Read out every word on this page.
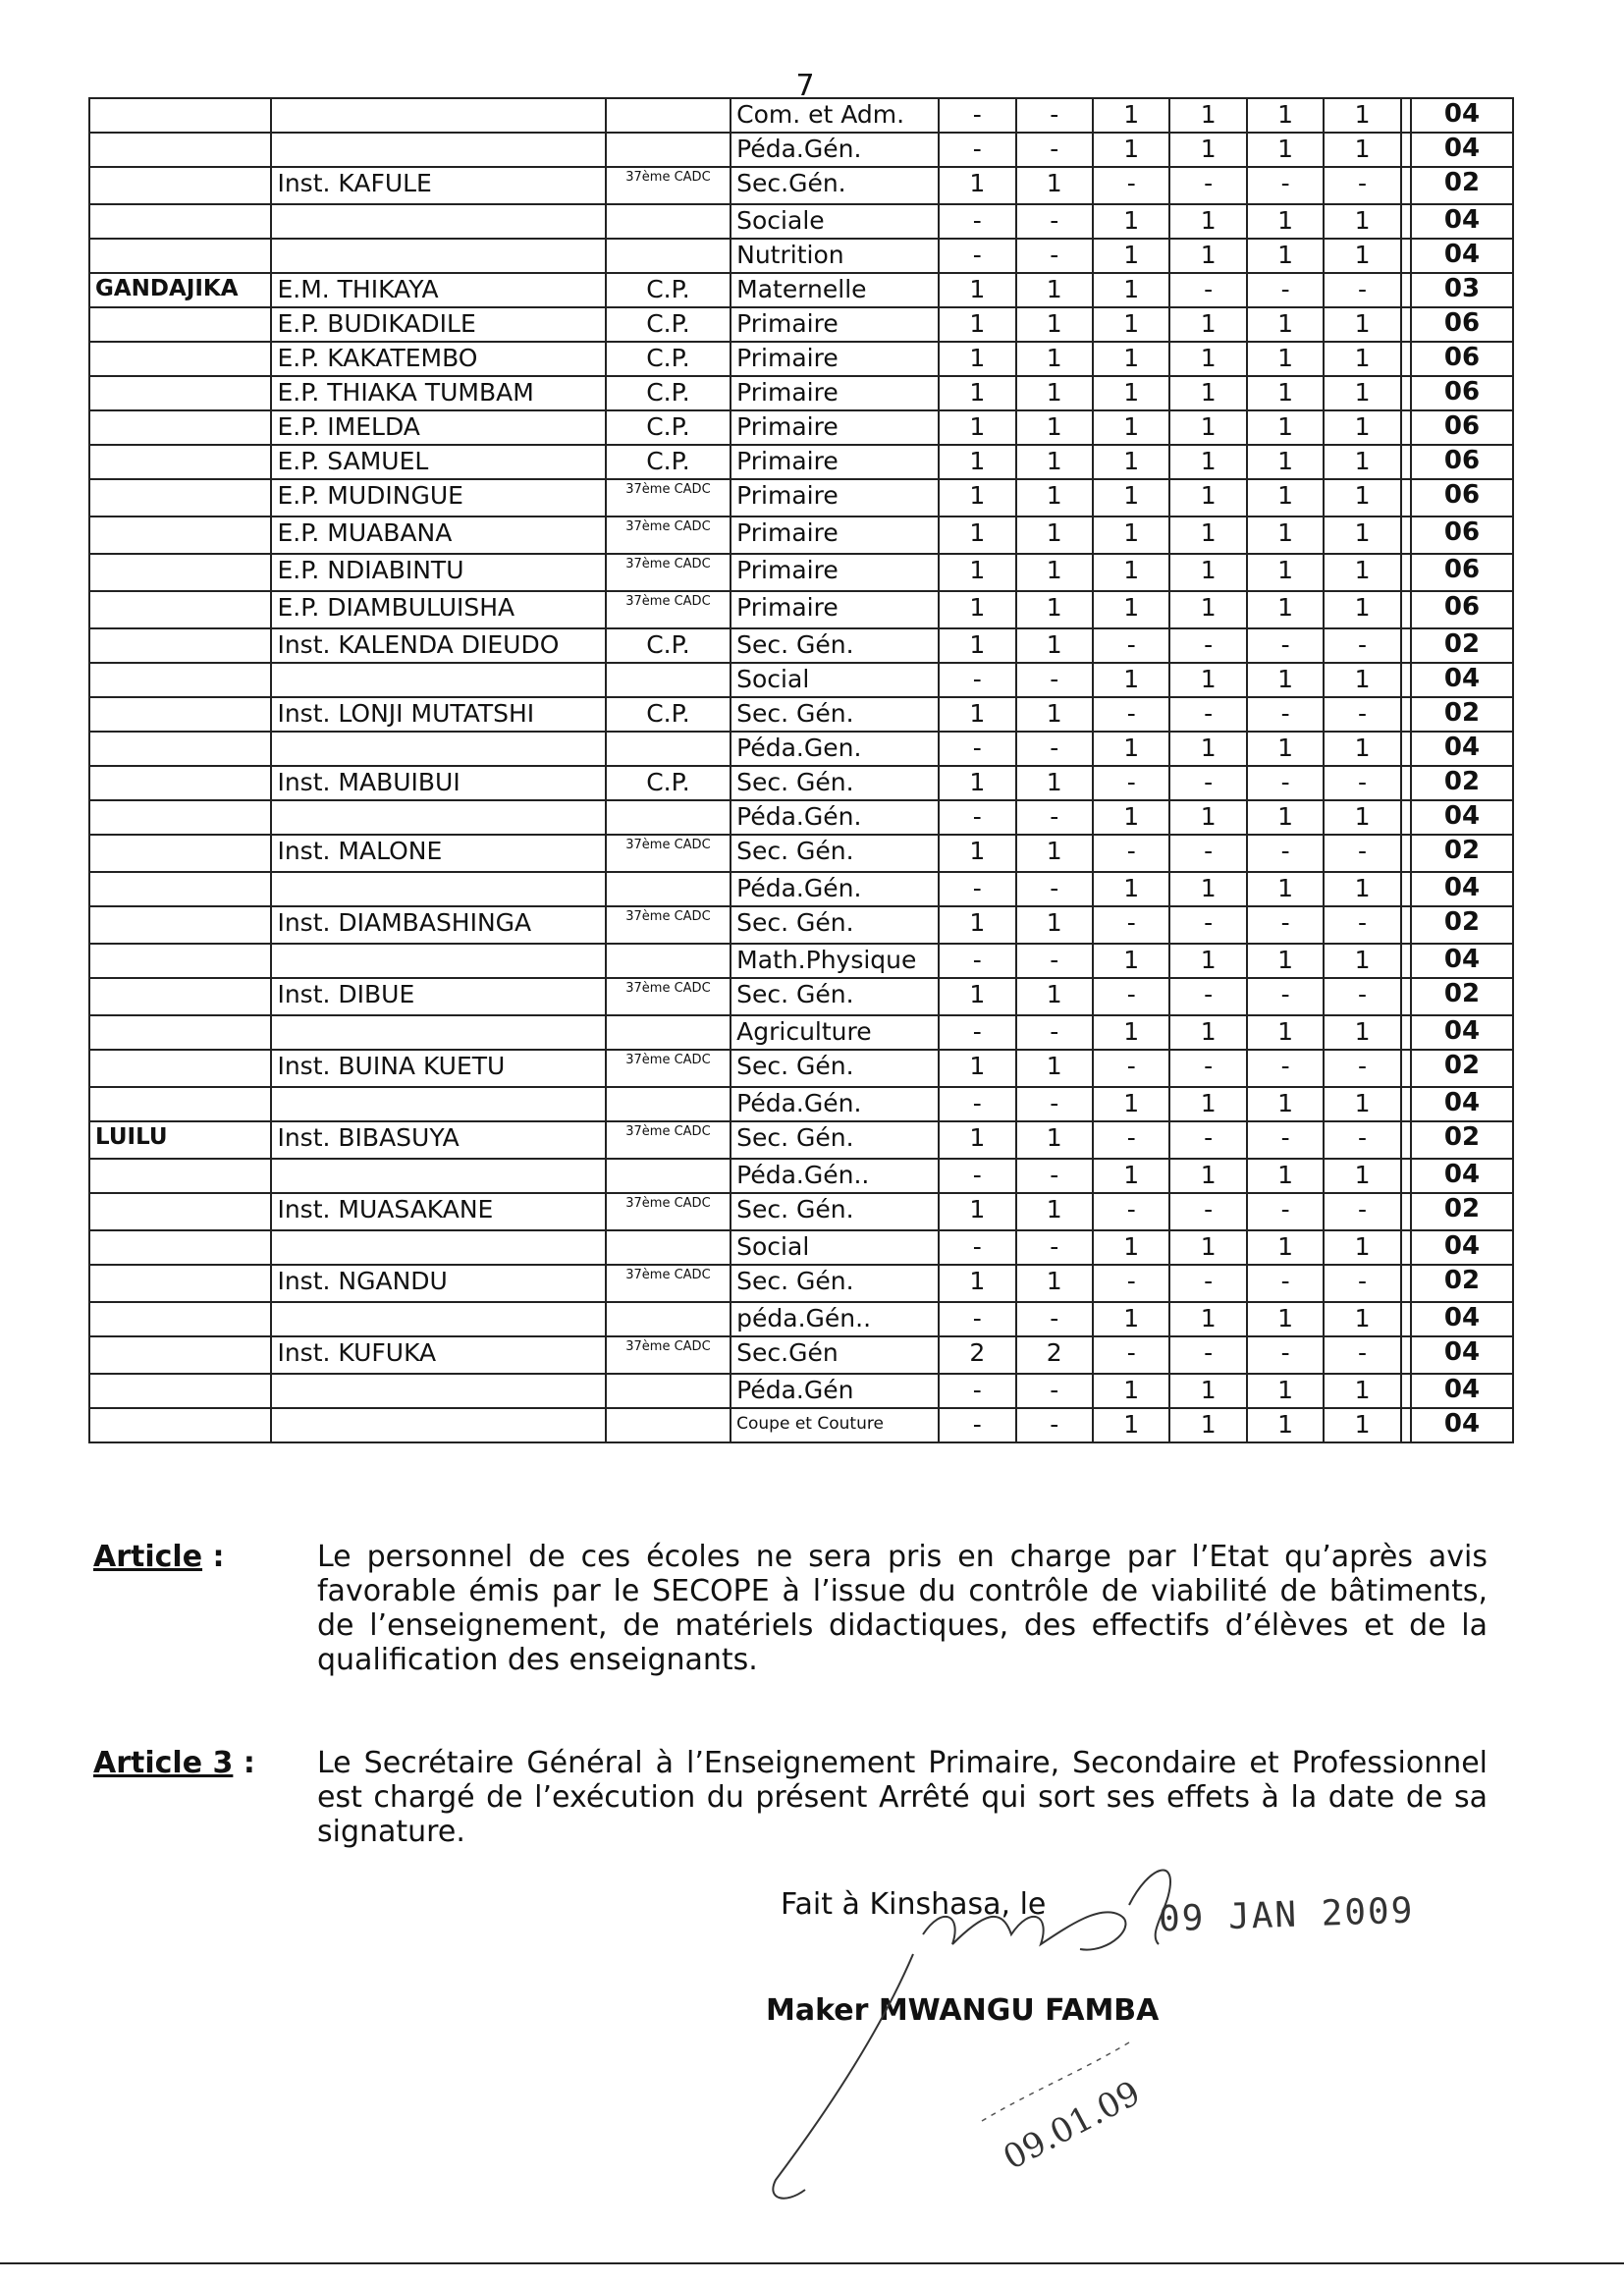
7
			Com. et Adm.	-	-	1	1	1	1		04
			Péda.Gén.	-	-	1	1	1	1		04
	Inst. KAFULE	37ème CADC	Sec.Gén.	1	1	-	-	-	-		02
			Sociale	-	-	1	1	1	1		04
			Nutrition	-	-	1	1	1	1		04
GANDAJIKA	E.M. THIKAYA	C.P.	Maternelle	1	1	1	-	-	-		03
	E.P. BUDIKADILE	C.P.	Primaire	1	1	1	1	1	1		06
	E.P. KAKATEMBO	C.P.	Primaire	1	1	1	1	1	1		06
	E.P. THIAKA TUMBAM	C.P.	Primaire	1	1	1	1	1	1		06
	E.P. IMELDA	C.P.	Primaire	1	1	1	1	1	1		06
	E.P. SAMUEL	C.P.	Primaire	1	1	1	1	1	1		06
	E.P. MUDINGUE	37ème CADC	Primaire	1	1	1	1	1	1		06
	E.P. MUABANA	37ème CADC	Primaire	1	1	1	1	1	1		06
	E.P. NDIABINTU	37ème CADC	Primaire	1	1	1	1	1	1		06
	E.P. DIAMBULUISHA	37ème CADC	Primaire	1	1	1	1	1	1		06
	Inst. KALENDA DIEUDO	C.P.	Sec. Gén.	1	1	-	-	-	-		02
			Social	-	-	1	1	1	1		04
	Inst. LONJI MUTATSHI	C.P.	Sec. Gén.	1	1	-	-	-	-		02
			Péda.Gen.	-	-	1	1	1	1		04
	Inst. MABUIBUI	C.P.	Sec. Gén.	1	1	-	-	-	-		02
			Péda.Gén.	-	-	1	1	1	1		04
	Inst. MALONE	37ème CADC	Sec. Gén.	1	1	-	-	-	-		02
			Péda.Gén.	-	-	1	1	1	1		04
	Inst. DIAMBASHINGA	37ème CADC	Sec. Gén.	1	1	-	-	-	-		02
			Math.Physique	-	-	1	1	1	1		04
	Inst. DIBUE	37ème CADC	Sec. Gén.	1	1	-	-	-	-		02
			Agriculture	-	-	1	1	1	1		04
	Inst. BUINA KUETU	37ème CADC	Sec. Gén.	1	1	-	-	-	-		02
			Péda.Gén.	-	-	1	1	1	1		04
LUILU	Inst. BIBASUYA	37ème CADC	Sec. Gén.	1	1	-	-	-	-		02
			Péda.Gén..	-	-	1	1	1	1		04
	Inst. MUASAKANE	37ème CADC	Sec. Gén.	1	1	-	-	-	-		02
			Social	-	-	1	1	1	1		04
	Inst. NGANDU	37ème CADC	Sec. Gén.	1	1	-	-	-	-		02
			péda.Gén..	-	-	1	1	1	1		04
	Inst. KUFUKA	37ème CADC	Sec.Gén	2	2	-	-	-	-		04
			Péda.Gén	-	-	1	1	1	1		04
			Coupe et Couture	-	-	1	1	1	1		04
Article :	Le personnel de ces écoles ne sera pris en charge par l’Etat qu’après avis favorable émis par le SECOPE à l’issue du contrôle de viabilité de bâtiments, de l’enseignement, de matériels didactiques, des effectifs d’élèves et de la qualification des enseignants.
Article 3 :	Le Secrétaire Général à l’Enseignement Primaire, Secondaire et Professionnel est chargé de l’exécution du présent Arrêté qui sort ses effets à la date de sa signature.
Fait à Kinshasa, le	09 JAN 2009
Maker MWANGU FAMBA
09.01.09
